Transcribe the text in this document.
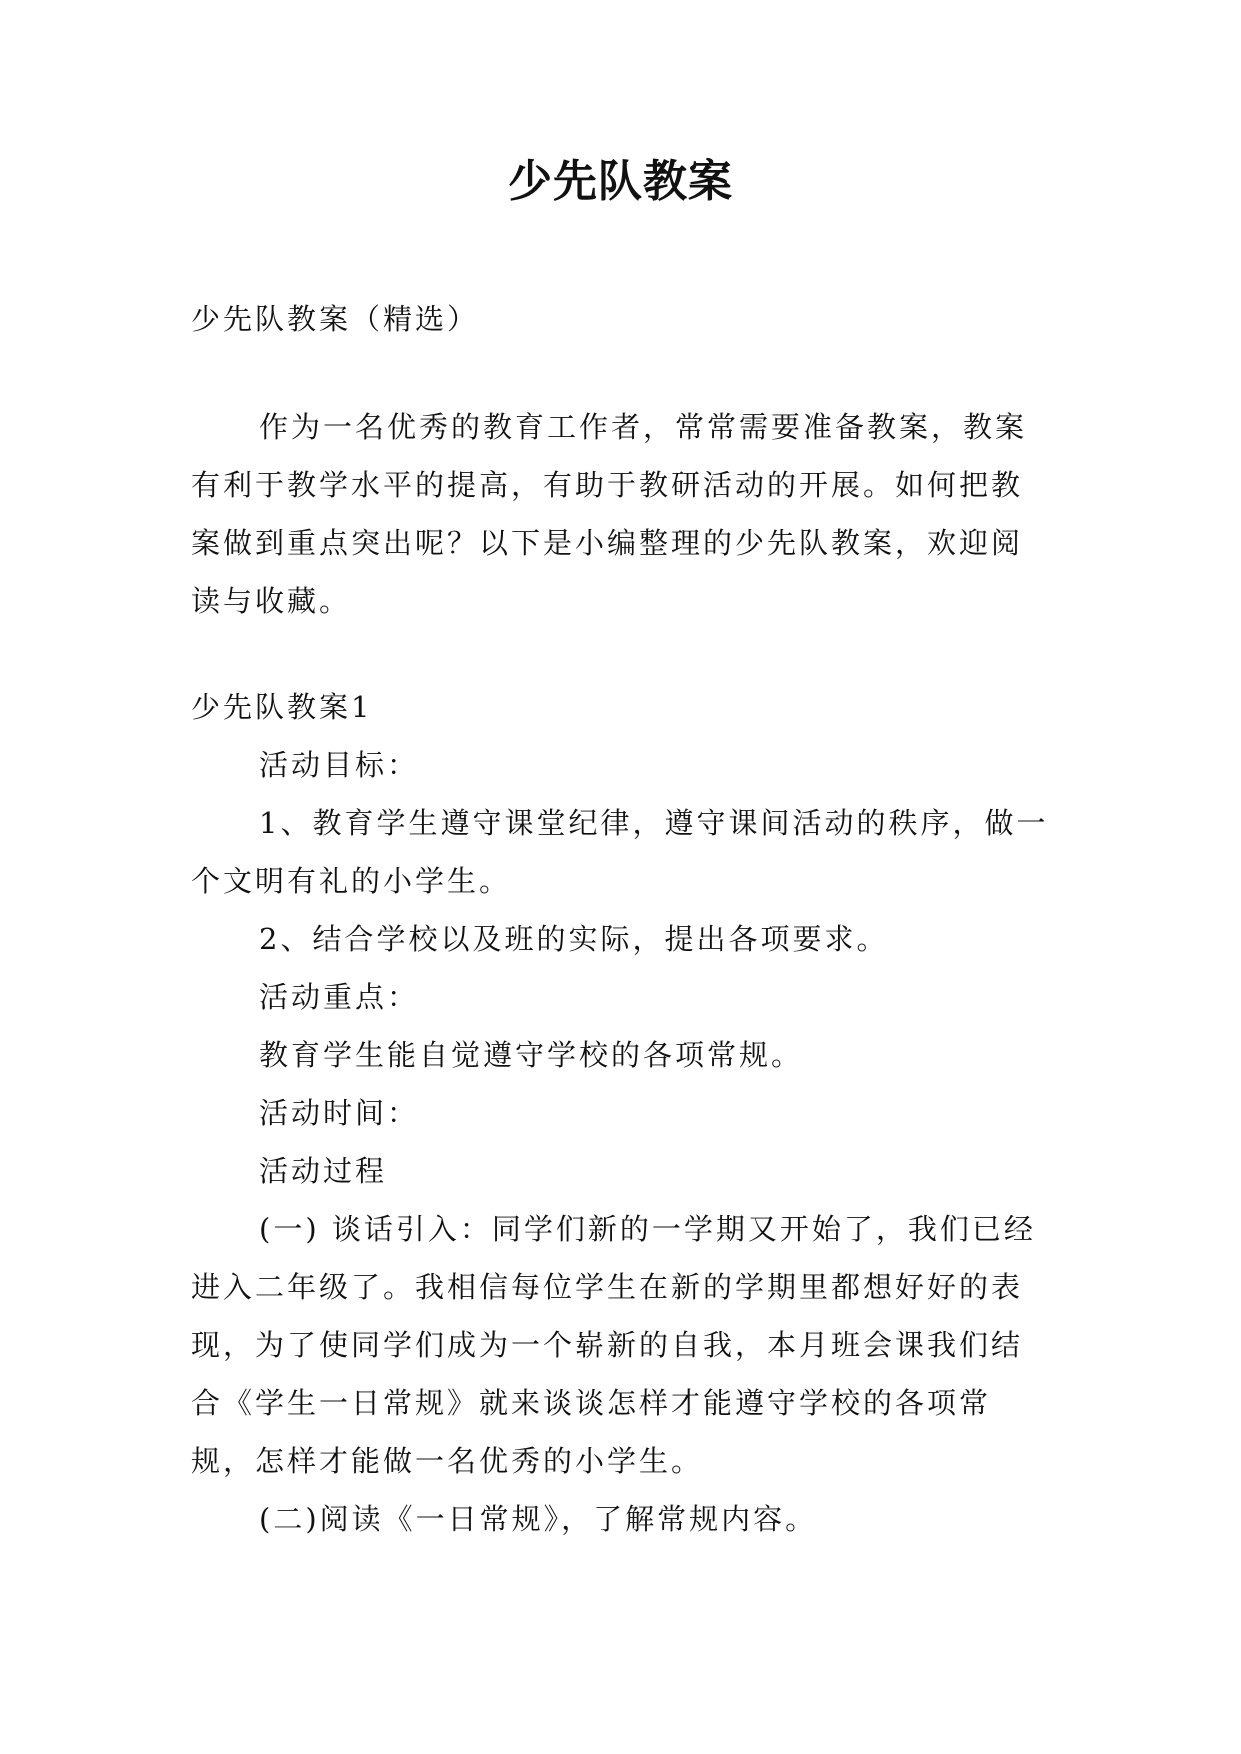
少先队教案

少先队教案（精选）

作为一名优秀的教育工作者，常常需要准备教案，教案有利于教学水平的提高，有助于教研活动的开展。如何把教案做到重点突出呢？以下是小编整理的少先队教案，欢迎阅读与收藏。

少先队教案1

活动目标：

1、教育学生遵守课堂纪律，遵守课间活动的秩序，做一个文明有礼的小学生。

2、结合学校以及班的实际，提出各项要求。

活动重点：

教育学生能自觉遵守学校的各项常规。

活动时间：

活动过程

(一) 谈话引入：同学们新的一学期又开始了，我们已经进入二年级了。我相信每位学生在新的学期里都想好好的表现，为了使同学们成为一个崭新的自我，本月班会课我们结合《学生一日常规》就来谈谈怎样才能遵守学校的各项常规，怎样才能做一名优秀的小学生。

(二)阅读《一日常规》，了解常规内容。
